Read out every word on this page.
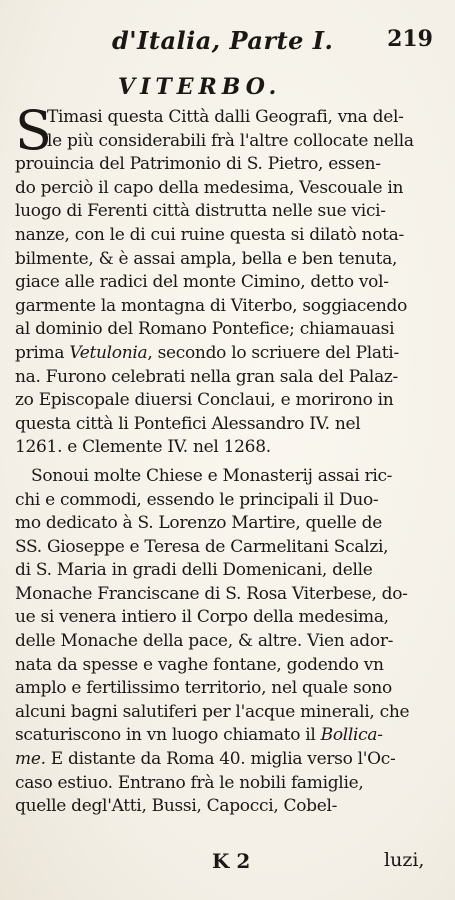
d'Italia, Parte I. 219
VITERBO.
S
Timasi questa Città dalli Geografi, vna del-
le più considerabili frà l'altre collocate nella
prouincia del Patrimonio di S. Pietro, essen-
do perciò il capo della medesima, Vescouale in
luogo di Ferenti città distrutta nelle sue vici-
nanze, con le di cui ruine questa si dilatò nota-
bilmente, & è assai ampla, bella e ben tenuta,
giace alle radici del monte Cimino, detto vol-
garmente la montagna di Viterbo, soggiacendo
al dominio del Romano Pontefice; chiamauasi
prima Vetulonia, secondo lo scriuere del Plati-
na. Furono celebrati nella gran sala del Palaz-
zo Episcopale diuersi Conclaui, e morirono in
questa città li Pontefici Alessandro IV. nel
1261. e Clemente IV. nel 1268.
Sonoui molte Chiese e Monasterij assai ric-
chi e commodi, essendo le principali il Duo-
mo dedicato à S. Lorenzo Martire, quelle de
SS. Gioseppe e Teresa de Carmelitani Scalzi,
di S. Maria in gradi delli Domenicani, delle
Monache Franciscane di S. Rosa Viterbese, do-
ue si venera intiero il Corpo della medesima,
delle Monache della pace, & altre. Vien ador-
nata da spesse e vaghe fontane, godendo vn
amplo e fertilissimo territorio, nel quale sono
alcuni bagni salutiferi per l'acque minerali, che
scaturiscono in vn luogo chiamato il Bollica-
me. E distante da Roma 40. miglia verso l'Oc-
caso estiuo. Entrano frà le nobili famiglie,
quelle degl'Atti, Bussi, Capocci, Cobel-
K 2	luzi,
